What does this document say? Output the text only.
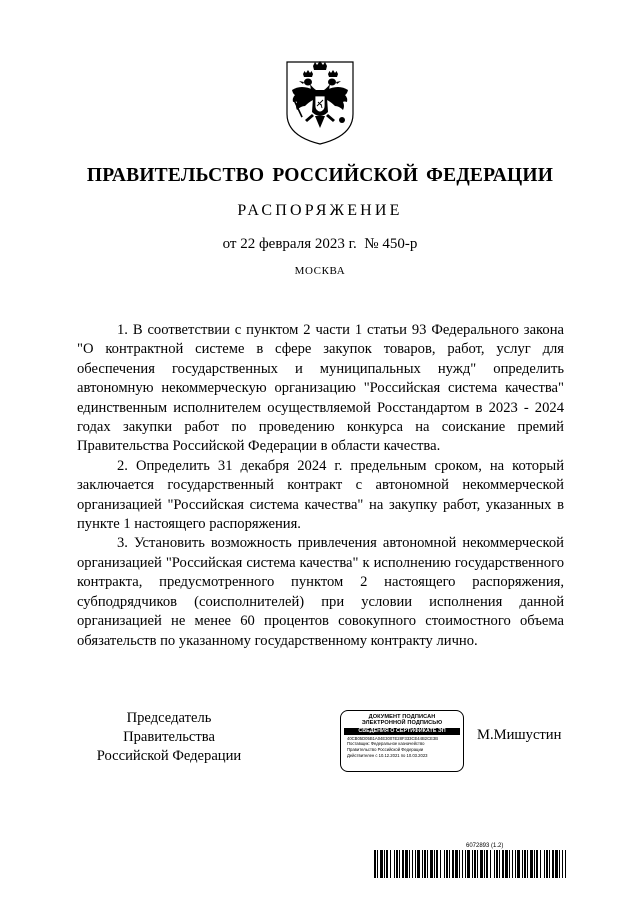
ПРАВИТЕЛЬСТВО РОССИЙСКОЙ ФЕДЕРАЦИИ
РАСПОРЯЖЕНИЕ
от 22 февраля 2023 г.  № 450-р
МОСКВА

1. В соответствии с пунктом 2 части 1 статьи 93 Федерального закона "О контрактной системе в сфере закупок товаров, работ, услуг для обеспечения государственных и муниципальных нужд" определить автономную некоммерческую организацию "Российская система качества" единственным исполнителем осуществляемой Росстандартом в 2023 - 2024 годах закупки работ по проведению конкурса на соискание премий Правительства Российской Федерации в области качества.

2. Определить 31 декабря 2024 г. предельным сроком, на который заключается государственный контракт с автономной некоммерческой организацией "Российская система качества" на закупку работ, указанных в пункте 1 настоящего распоряжения.

3. Установить возможность привлечения автономной некоммерческой организацией "Российская система качества" к исполнению государственного контракта, предусмотренного пунктом 2 настоящего распоряжения, субподрядчиков (соисполнителей) при условии исполнения данной организацией не менее 60 процентов совокупного стоимостного объема обязательств по указанному государственному контракту лично.

Председатель Правительства
Российской Федерации
ДОКУМЕНТ ПОДПИСАН
ЭЛЕКТРОННОЙ ПОДПИСЬЮ
СВЕДЕНИЯ О СЕРТИФИКАТЕ ЭП
40CB05D05B1A04E3007E28F333CE44B2CE3B
Поставщик: Федеральное казначейство
Правительство Российской Федерации
Действителен с 10.12.2021 по 10.03.2023
М.Мишустин
6072893 (1.2)
